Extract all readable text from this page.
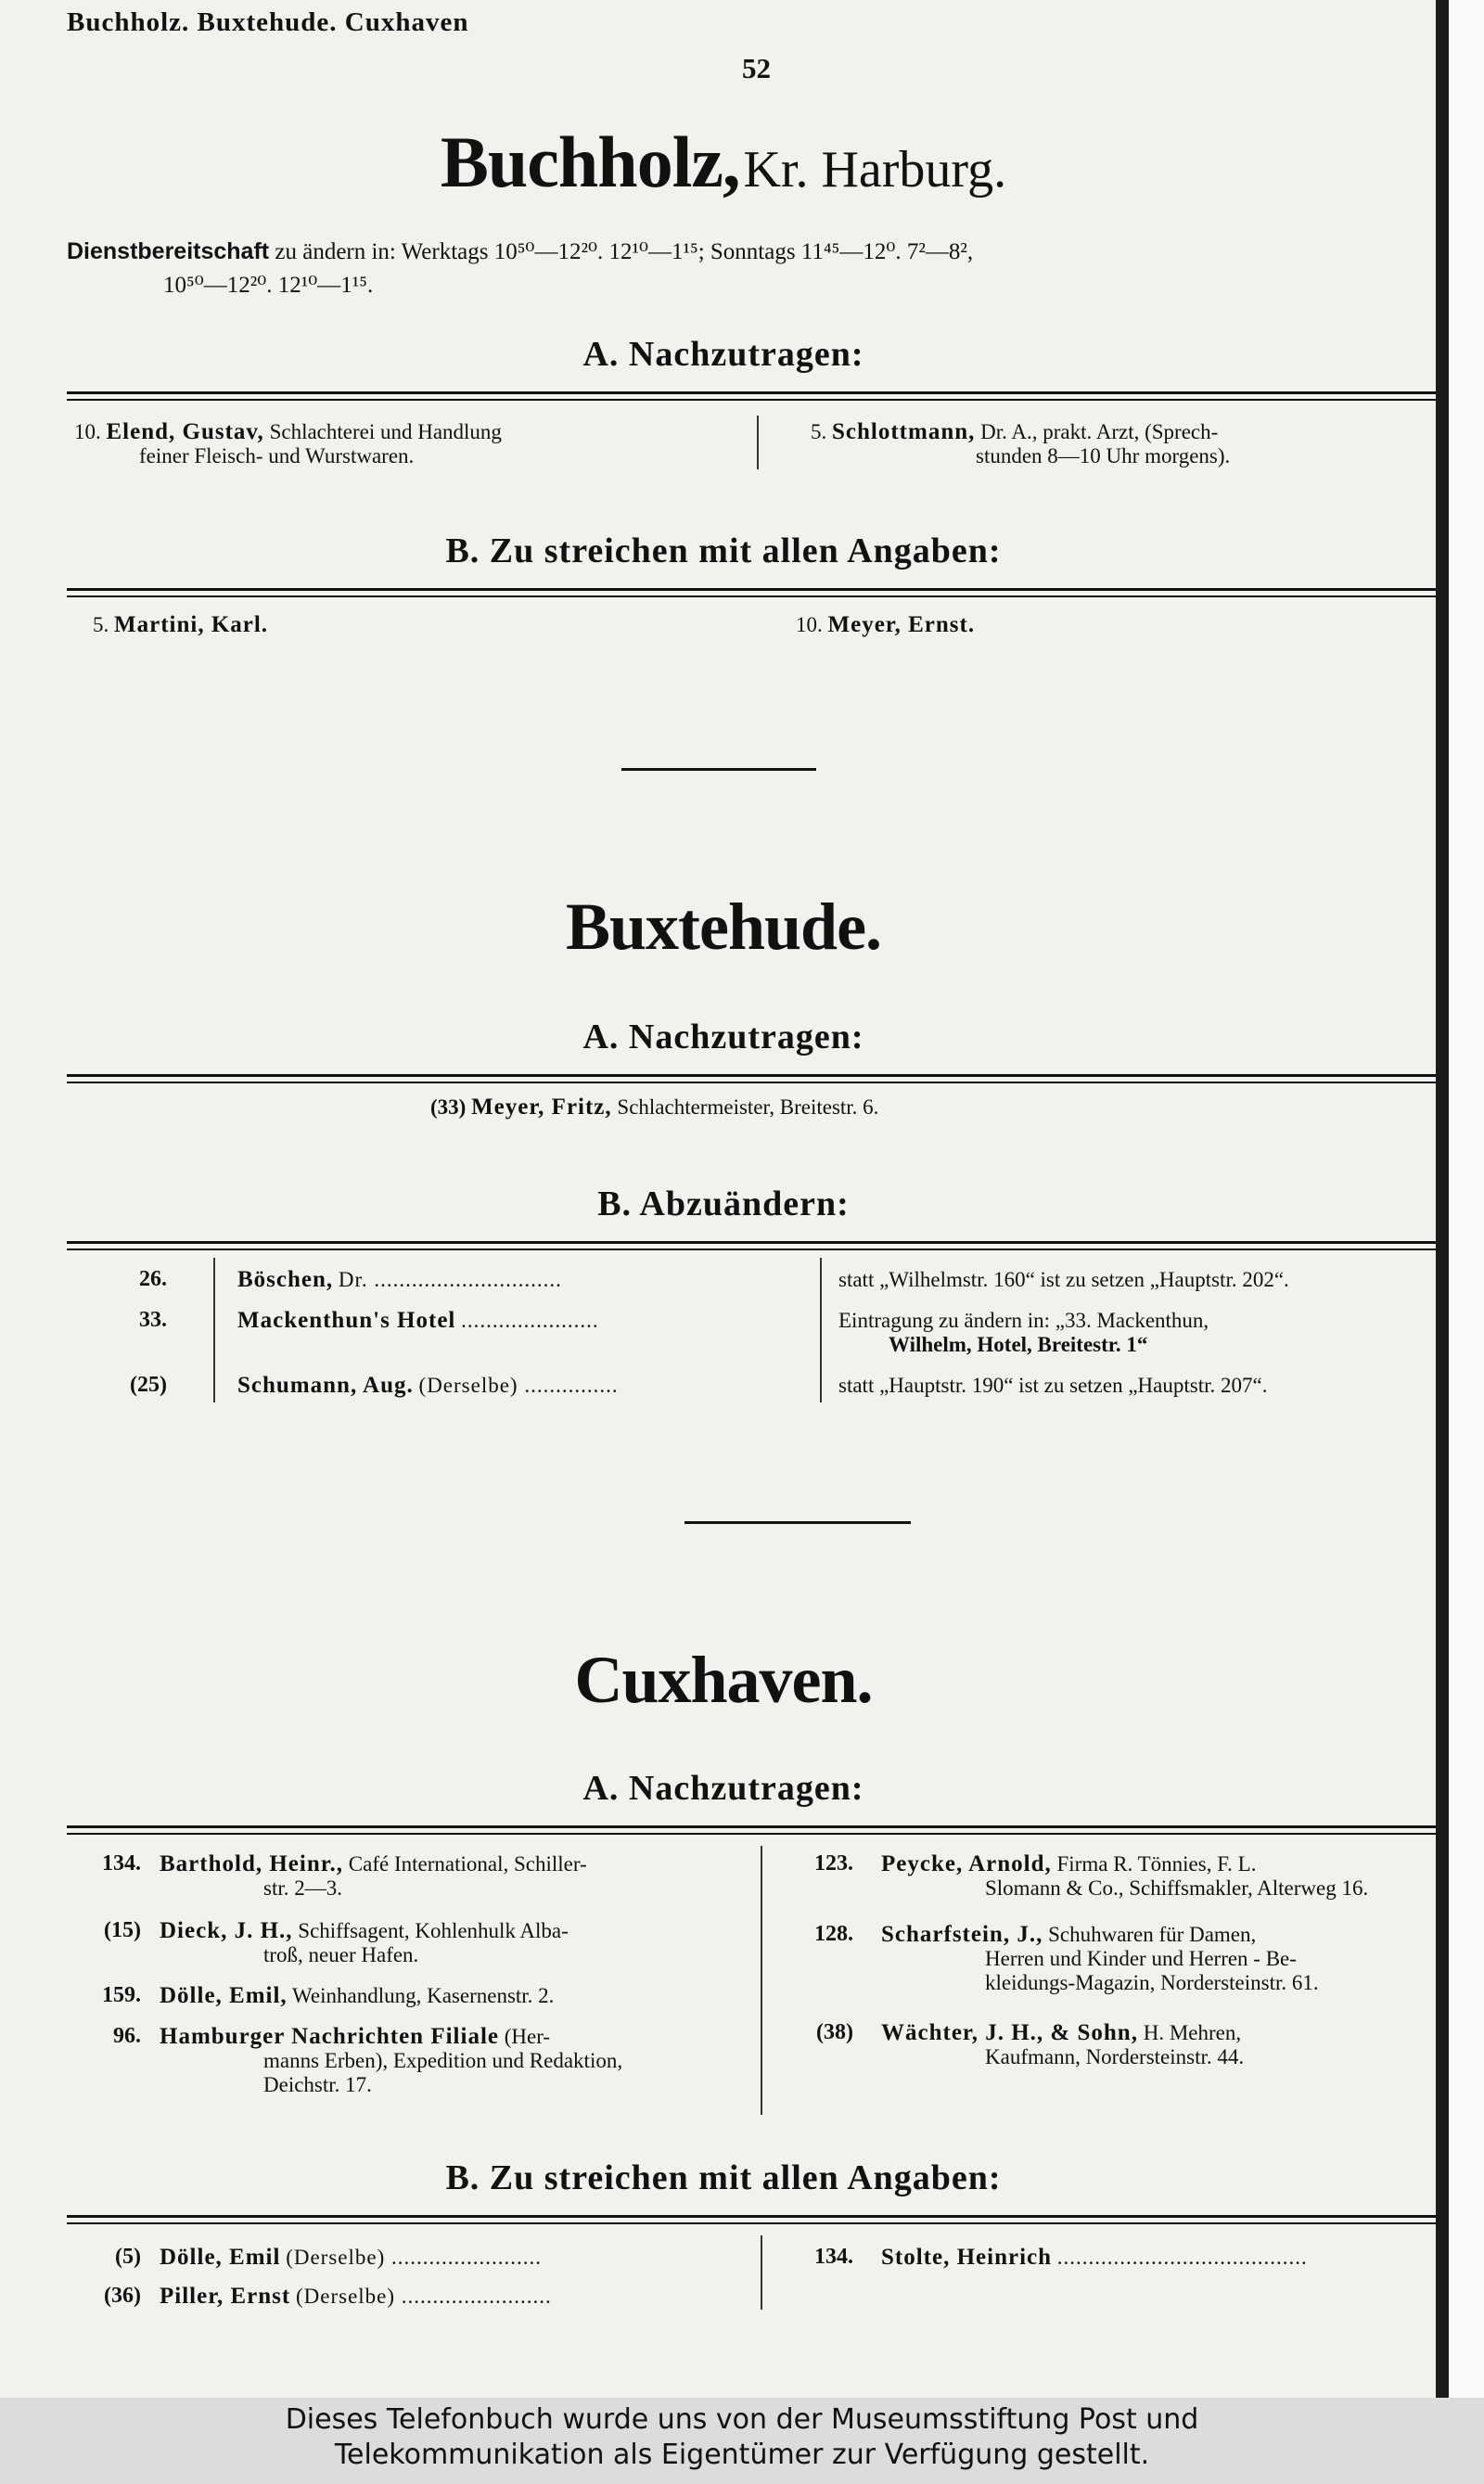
Buchholz. Buxtehude. Cuxhaven
52
Buchholz, Kr. Harburg.
Dienstbereitschaft zu ändern in: Werktags 10⁵⁰—12²⁰. 12¹⁰—1¹⁵; Sonntags 11⁴⁵—12⁰. 7²—8²,
10⁵⁰—12²⁰. 12¹⁰—1¹⁵.
A. Nachzutragen:
10. Elend, Gustav, Schlachterei und Handlung
feiner Fleisch- und Wurstwaren.
5. Schlottmann, Dr. A., prakt. Arzt, (Sprech-
stunden 8—10 Uhr morgens).
B. Zu streichen mit allen Angaben:
5. Martini, Karl.	10. Meyer, Ernst.
Buxtehude.
A. Nachzutragen:
(33) Meyer, Fritz, Schlachtermeister, Breitestr. 6.
B. Abzuändern:
26.	Böschen, Dr. ..............................	statt „Wilhelmstr. 160“ ist zu setzen „Hauptstr. 202“.
33.	Mackenthun's Hotel ......................	Eintragung zu ändern in: „33. Mackenthun,
Wilhelm, Hotel, Breitestr. 1“
(25)	Schumann, Aug. (Derselbe) ...............	statt „Hauptstr. 190“ ist zu setzen „Hauptstr. 207“.
Cuxhaven.
A. Nachzutragen:
134. Barthold, Heinr., Café International, Schiller-
str. 2—3.
(15) Dieck, J. H., Schiffsagent, Kohlenhulk Alba-
troß, neuer Hafen.
159. Dölle, Emil, Weinhandlung, Kasernenstr. 2.
96. Hamburger Nachrichten Filiale (Her-
manns Erben), Expedition und Redaktion,
Deichstr. 17.
123. Peycke, Arnold, Firma R. Tönnies, F. L.
Slomann & Co., Schiffsmakler, Alterweg 16.
128. Scharfstein, J., Schuhwaren für Damen,
Herren und Kinder und Herren - Be-
kleidungs-Magazin, Nordersteinstr. 61.
(38) Wächter, J. H., & Sohn, H. Mehren,
Kaufmann, Nordersteinstr. 44.
B. Zu streichen mit allen Angaben:
(5) Dölle, Emil (Derselbe) ........................
(36) Piller, Ernst (Derselbe) ........................
134. Stolte, Heinrich ........................................
Dieses Telefonbuch wurde uns von der Museumsstiftung Post und
Telekommunikation als Eigentümer zur Verfügung gestellt.
